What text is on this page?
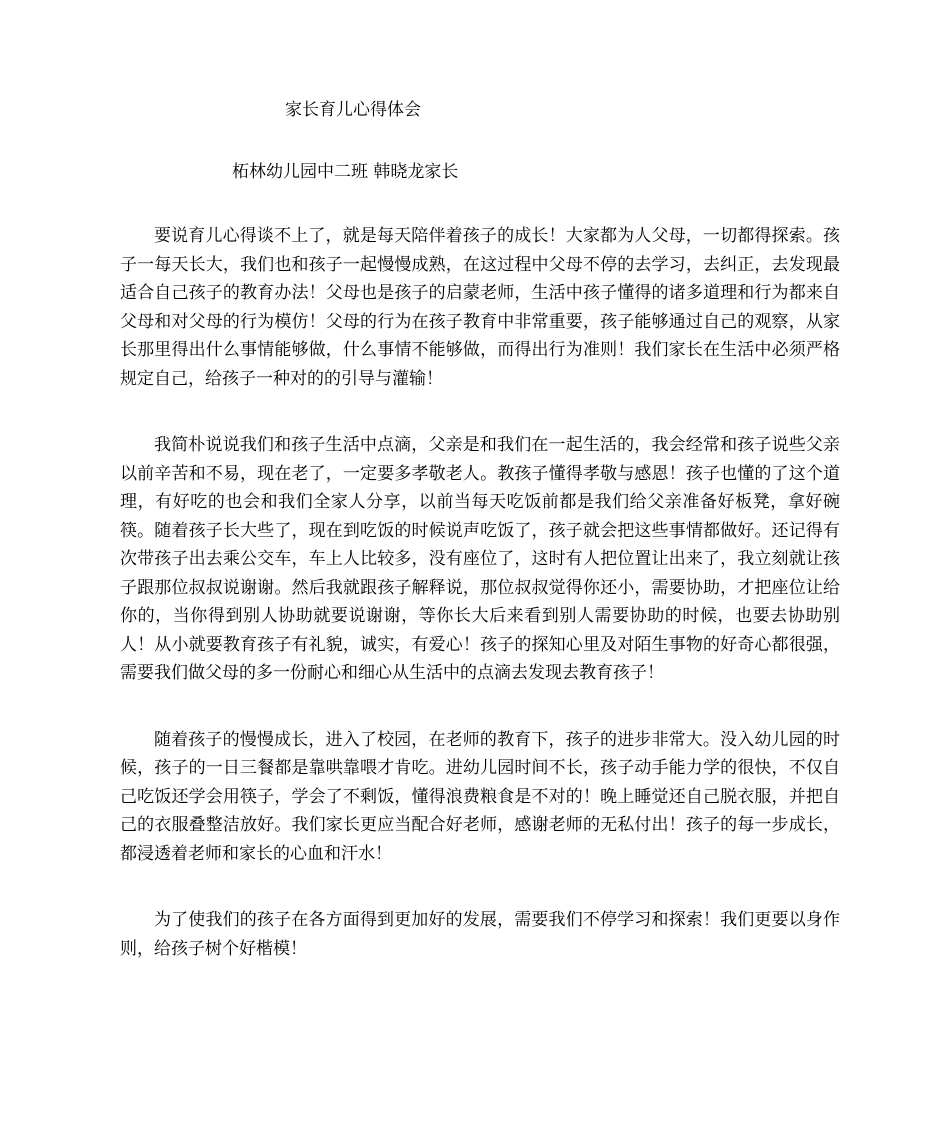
家长育儿心得体会

柘林幼儿园中二班 韩晓龙家长

要说育儿心得谈不上了，就是每天陪伴着孩子的成长！大家都为人父母，一切都得探索。孩子一每天长大，我们也和孩子一起慢慢成熟，在这过程中父母不停的去学习，去纠正，去发现最适合自己孩子的教育办法！父母也是孩子的启蒙老师，生活中孩子懂得的诸多道理和行为都来自父母和对父母的行为模仿！父母的行为在孩子教育中非常重要，孩子能够通过自己的观察，从家长那里得出什么事情能够做，什么事情不能够做，而得出行为准则！我们家长在生活中必须严格规定自己，给孩子一种对的的引导与灌输！

我简朴说说我们和孩子生活中点滴，父亲是和我们在一起生活的，我会经常和孩子说些父亲以前辛苦和不易，现在老了，一定要多孝敬老人。教孩子懂得孝敬与感恩！孩子也懂的了这个道理，有好吃的也会和我们全家人分享，以前当每天吃饭前都是我们给父亲准备好板凳，拿好碗筷。随着孩子长大些了，现在到吃饭的时候说声吃饭了，孩子就会把这些事情都做好。还记得有次带孩子出去乘公交车，车上人比较多，没有座位了，这时有人把位置让出来了，我立刻就让孩子跟那位叔叔说谢谢。然后我就跟孩子解释说，那位叔叔觉得你还小，需要协助，才把座位让给你的，当你得到别人协助就要说谢谢，等你长大后来看到别人需要协助的时候，也要去协助别人！从小就要教育孩子有礼貌，诚实，有爱心！孩子的探知心里及对陌生事物的好奇心都很强，需要我们做父母的多一份耐心和细心从生活中的点滴去发现去教育孩子！

随着孩子的慢慢成长，进入了校园，在老师的教育下，孩子的进步非常大。没入幼儿园的时候，孩子的一日三餐都是靠哄靠喂才肯吃。进幼儿园时间不长，孩子动手能力学的很快，不仅自己吃饭还学会用筷子，学会了不剩饭，懂得浪费粮食是不对的！晚上睡觉还自己脱衣服，并把自己的衣服叠整洁放好。我们家长更应当配合好老师，感谢老师的无私付出！孩子的每一步成长，都浸透着老师和家长的心血和汗水！

为了使我们的孩子在各方面得到更加好的发展，需要我们不停学习和探索！我们更要以身作则，给孩子树个好楷模！
